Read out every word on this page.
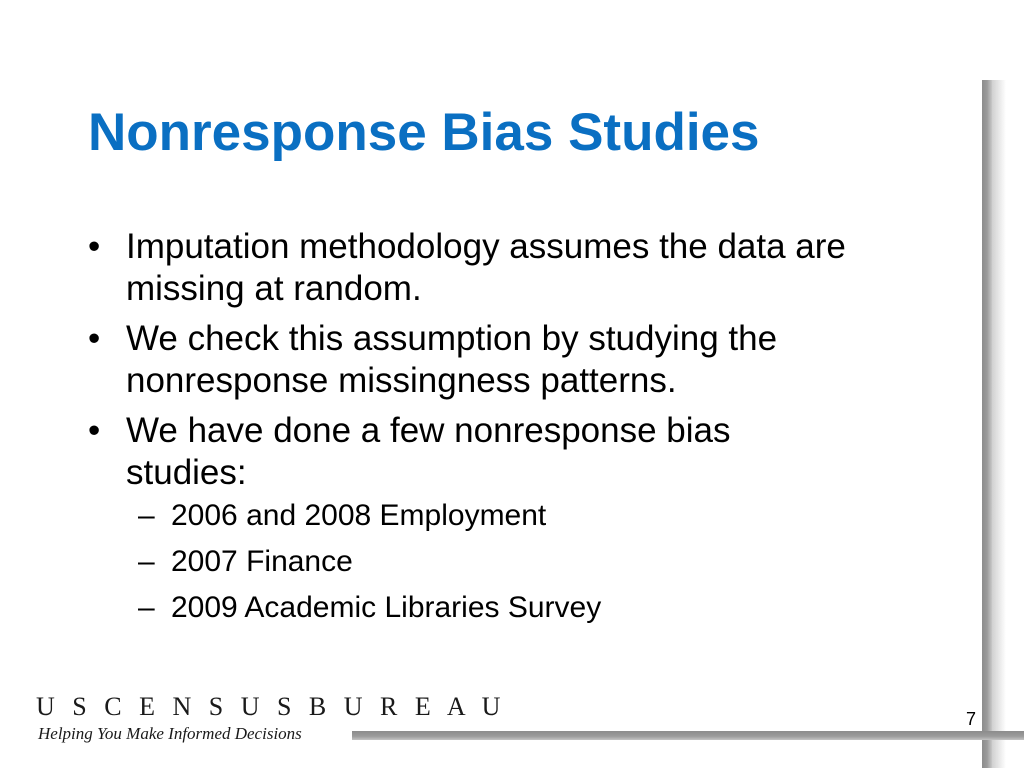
Nonresponse Bias Studies
• Imputation methodology assumes the data are missing at random.
• We check this assumption by studying the nonresponse missingness patterns.
• We have done a few nonresponse bias studies:
– 2006 and 2008 Employment
– 2007 Finance
– 2009 Academic Libraries Survey
U S C E N S U S B U R E A U
Helping You Make Informed Decisions
7
